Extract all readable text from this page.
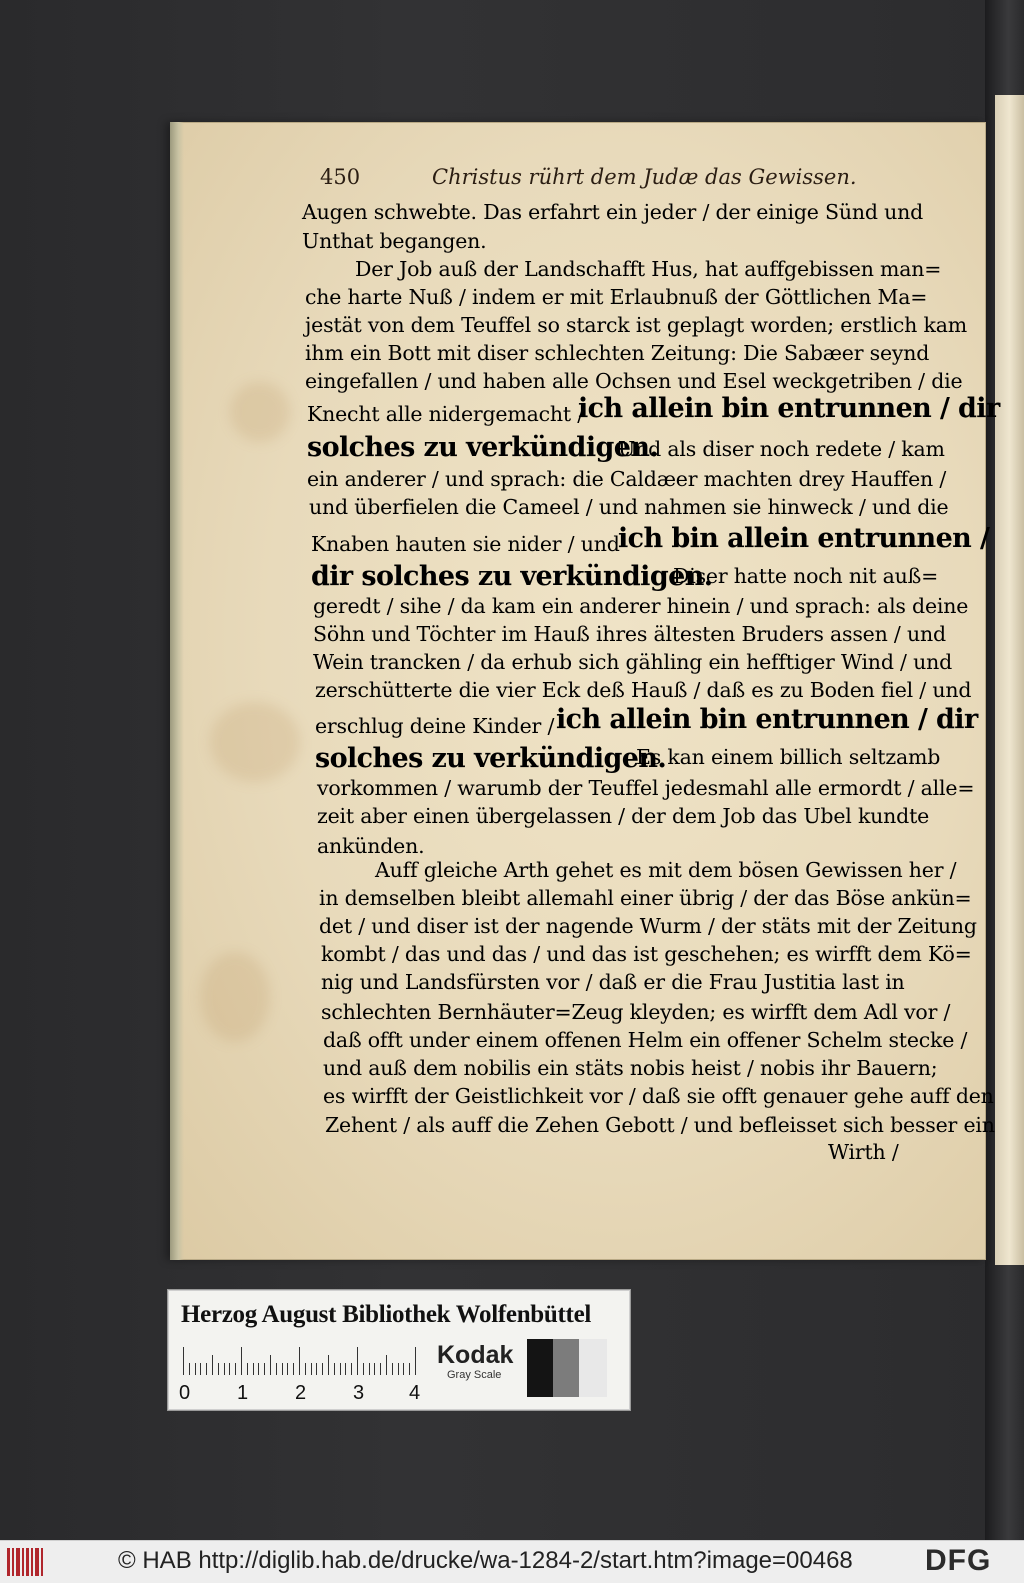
450	Christus rührt dem Judæ das Gewissen.
Augen schwebte. Das erfahrt ein jeder / der einige Sünd und
Unthat begangen.
Der Job auß der Landschafft Hus, hat auffgebissen man=
che harte Nuß / indem er mit Erlaubnuß der Göttlichen Ma=
jestät von dem Teuffel so starck ist geplagt worden; erstlich kam
ihm ein Bott mit diser schlechten Zeitung: Die Sabæer seynd
eingefallen / und haben alle Ochsen und Esel weckgetriben / die
Knecht alle nidergemacht /
ich allein bin entrunnen / dir
solches zu verkündigen.
Und als diser noch redete / kam
ein anderer / und sprach: die Caldæer machten drey Hauffen /
und überfielen die Cameel / und nahmen sie hinweck / und die
Knaben hauten sie nider / und
ich bin allein entrunnen /
dir solches zu verkündigen.
Diser hatte noch nit auß=
geredt / sihe / da kam ein anderer hinein / und sprach: als deine
Söhn und Töchter im Hauß ihres ältesten Bruders assen / und
Wein trancken / da erhub sich gähling ein hefftiger Wind / und
zerschütterte die vier Eck deß Hauß / daß es zu Boden fiel / und
erschlug deine Kinder / ich allein bin entrunnen / dir
solches zu verkündigen.
Es kan einem billich seltzamb
vorkommen / warumb der Teuffel jedesmahl alle ermordt / alle=
zeit aber einen übergelassen / der dem Job das Ubel kundte
ankünden.
Auff gleiche Arth gehet es mit dem bösen Gewissen her /
in demselben bleibt allemahl einer übrig / der das Böse ankün=
det / und diser ist der nagende Wurm / der stäts mit der Zeitung
kombt / das und das / und das ist geschehen; es wirfft dem Kö=
nig und Landsfürsten vor / daß er die Frau Justitia last in
schlechten Bernhäuter=Zeug kleyden; es wirfft dem Adl vor /
daß offt under einem offenen Helm ein offener Schelm stecke /
und auß dem nobilis ein stäts nobis heist / nobis ihr Bauern;
es wirfft der Geistlichkeit vor / daß sie offt genauer gehe auff den
Zehent / als auff die Zehen Gebott / und befleisset sich besser ein
Wirth /
Herzog August Bibliothek Wolfenbüttel
0 1 2 3 4
Kodak
Gray Scale
© HAB http://diglib.hab.de/drucke/wa-1284-2/start.htm?image=00468 DFG
